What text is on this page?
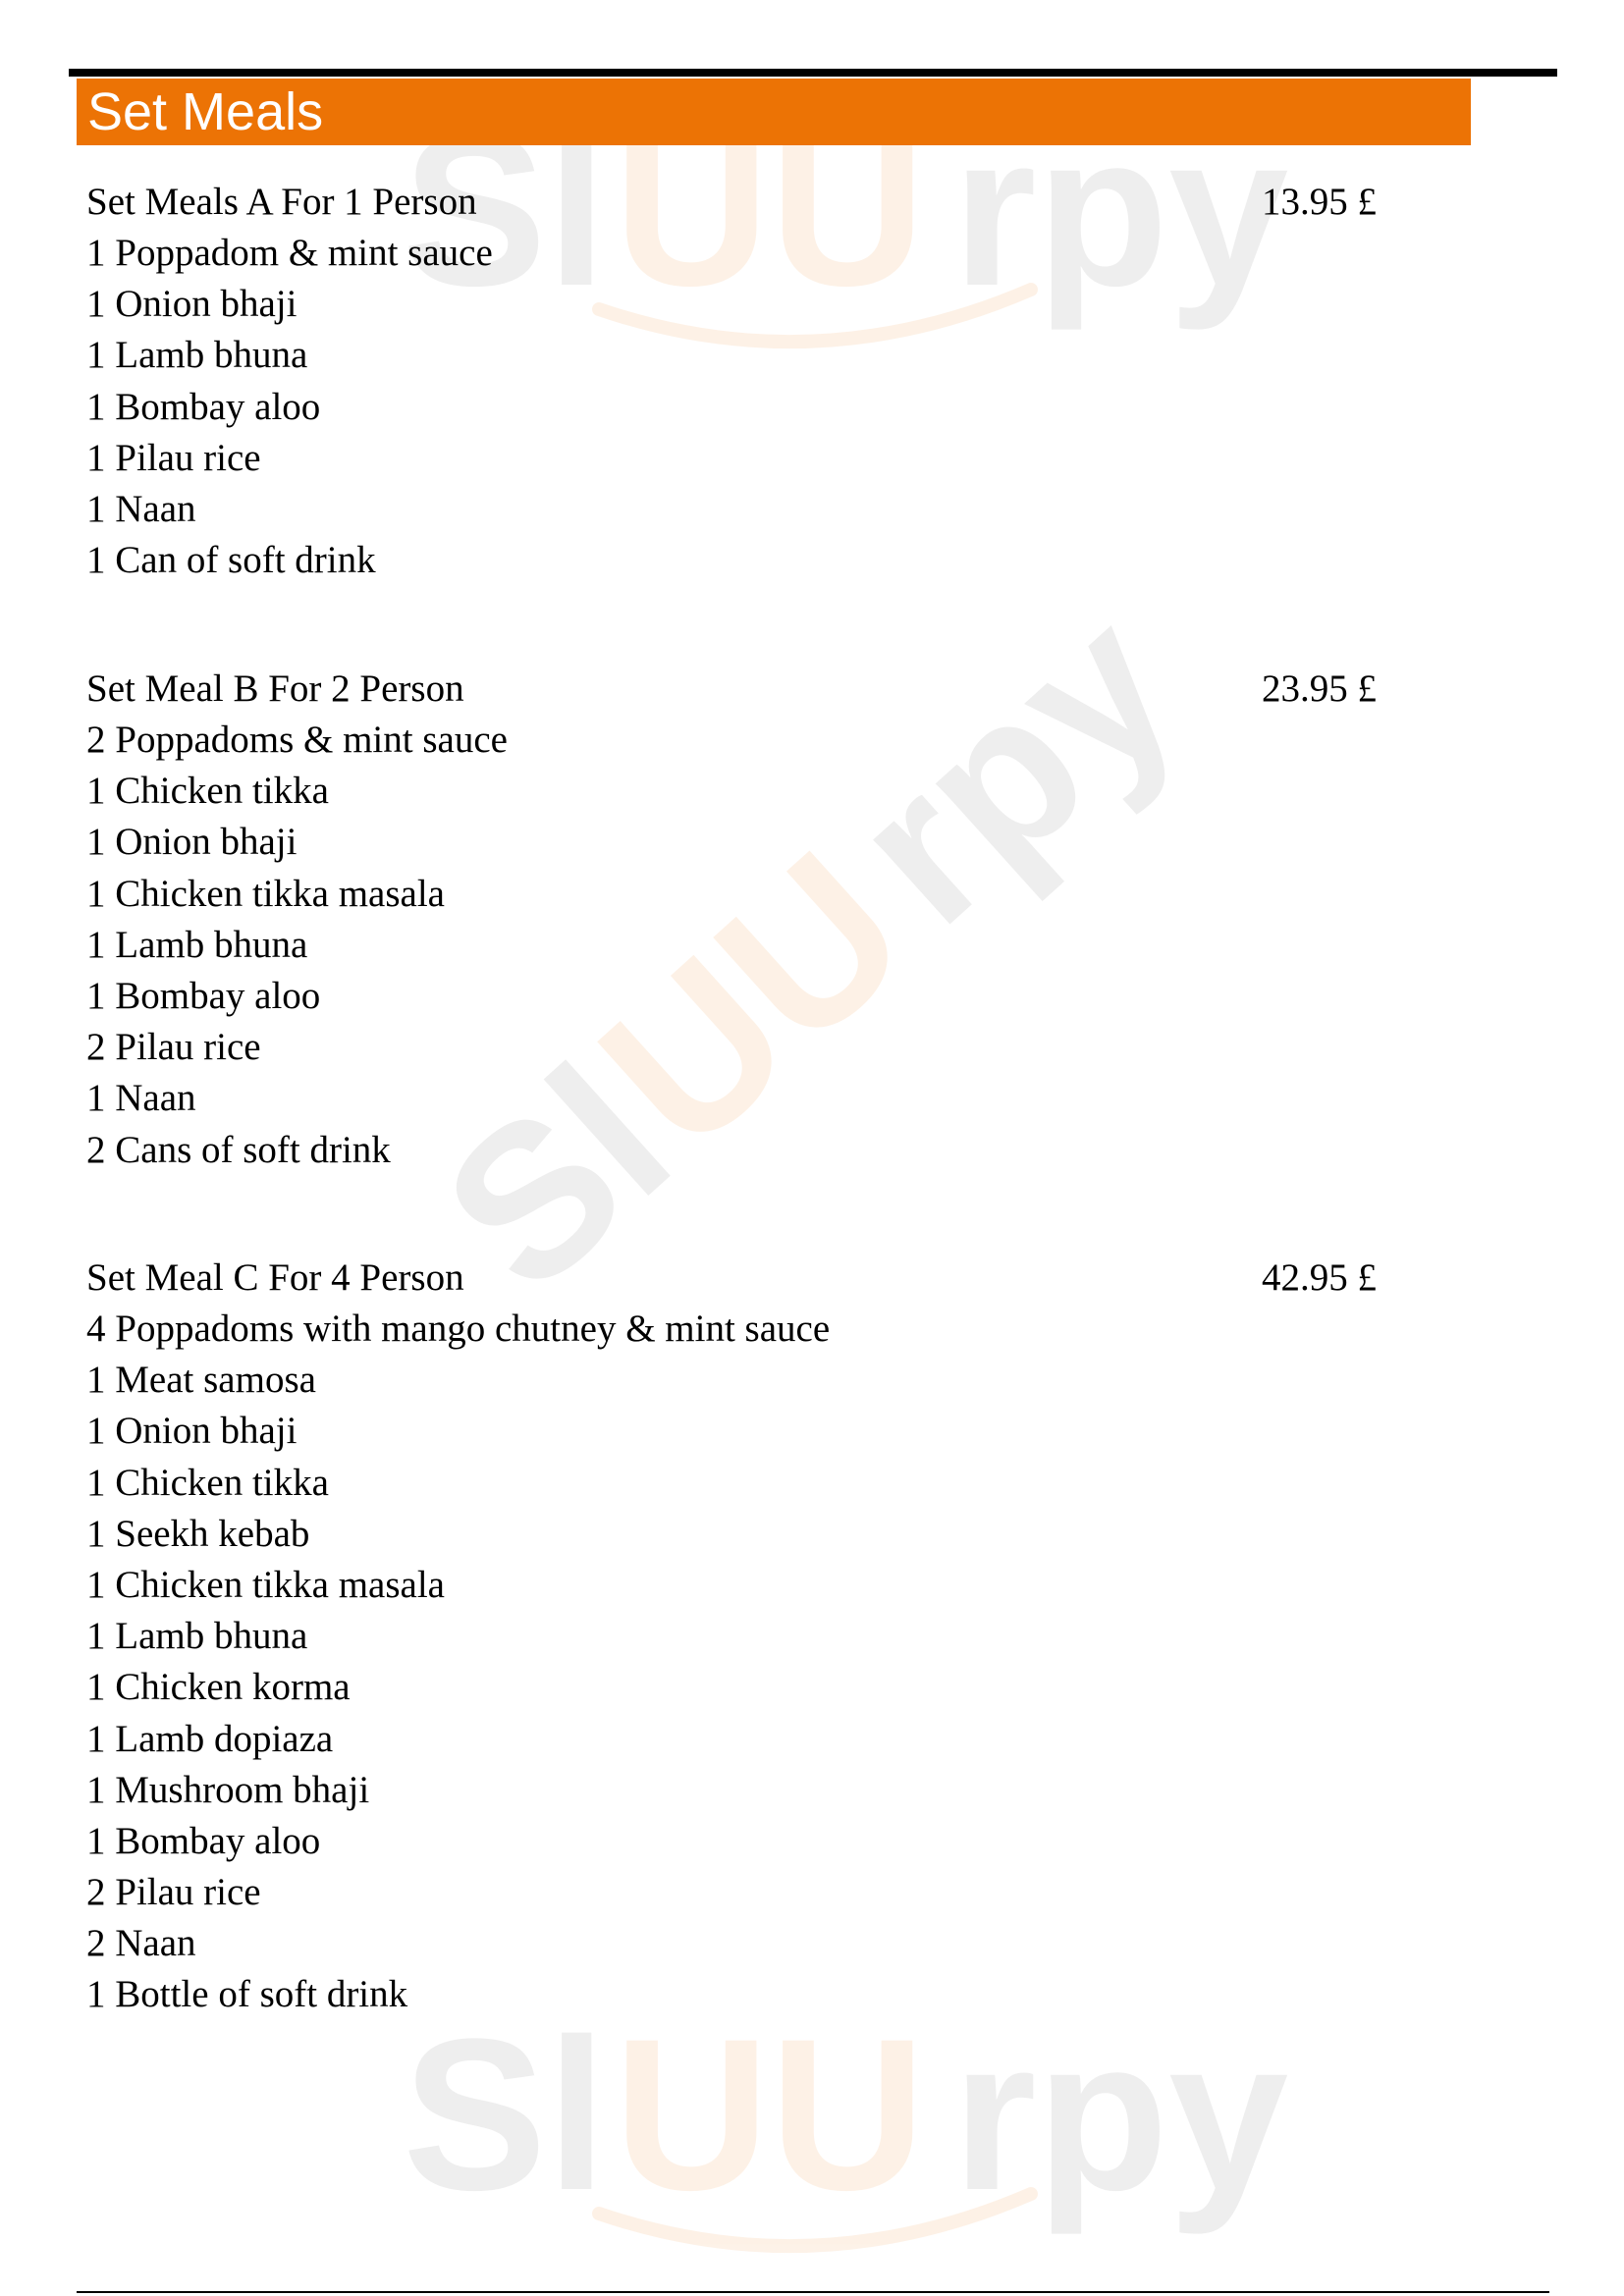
Sl UU rpy
Sl
UU
rpy
Sl UU rpy
Set Meals
Set Meals A For 1 Person	13.95 £
1 Poppadom & mint sauce
1 Onion bhaji
1 Lamb bhuna
1 Bombay aloo
1 Pilau rice
1 Naan
1 Can of soft drink
Set Meal B For 2 Person	23.95 £
2 Poppadoms & mint sauce
1 Chicken tikka
1 Onion bhaji
1 Chicken tikka masala
1 Lamb bhuna
1 Bombay aloo
2 Pilau rice
1 Naan
2 Cans of soft drink
Set Meal C For 4 Person	42.95 £
4 Poppadoms with mango chutney & mint sauce
1 Meat samosa
1 Onion bhaji
1 Chicken tikka
1 Seekh kebab
1 Chicken tikka masala
1 Lamb bhuna
1 Chicken korma
1 Lamb dopiaza
1 Mushroom bhaji
1 Bombay aloo
2 Pilau rice
2 Naan
1 Bottle of soft drink
